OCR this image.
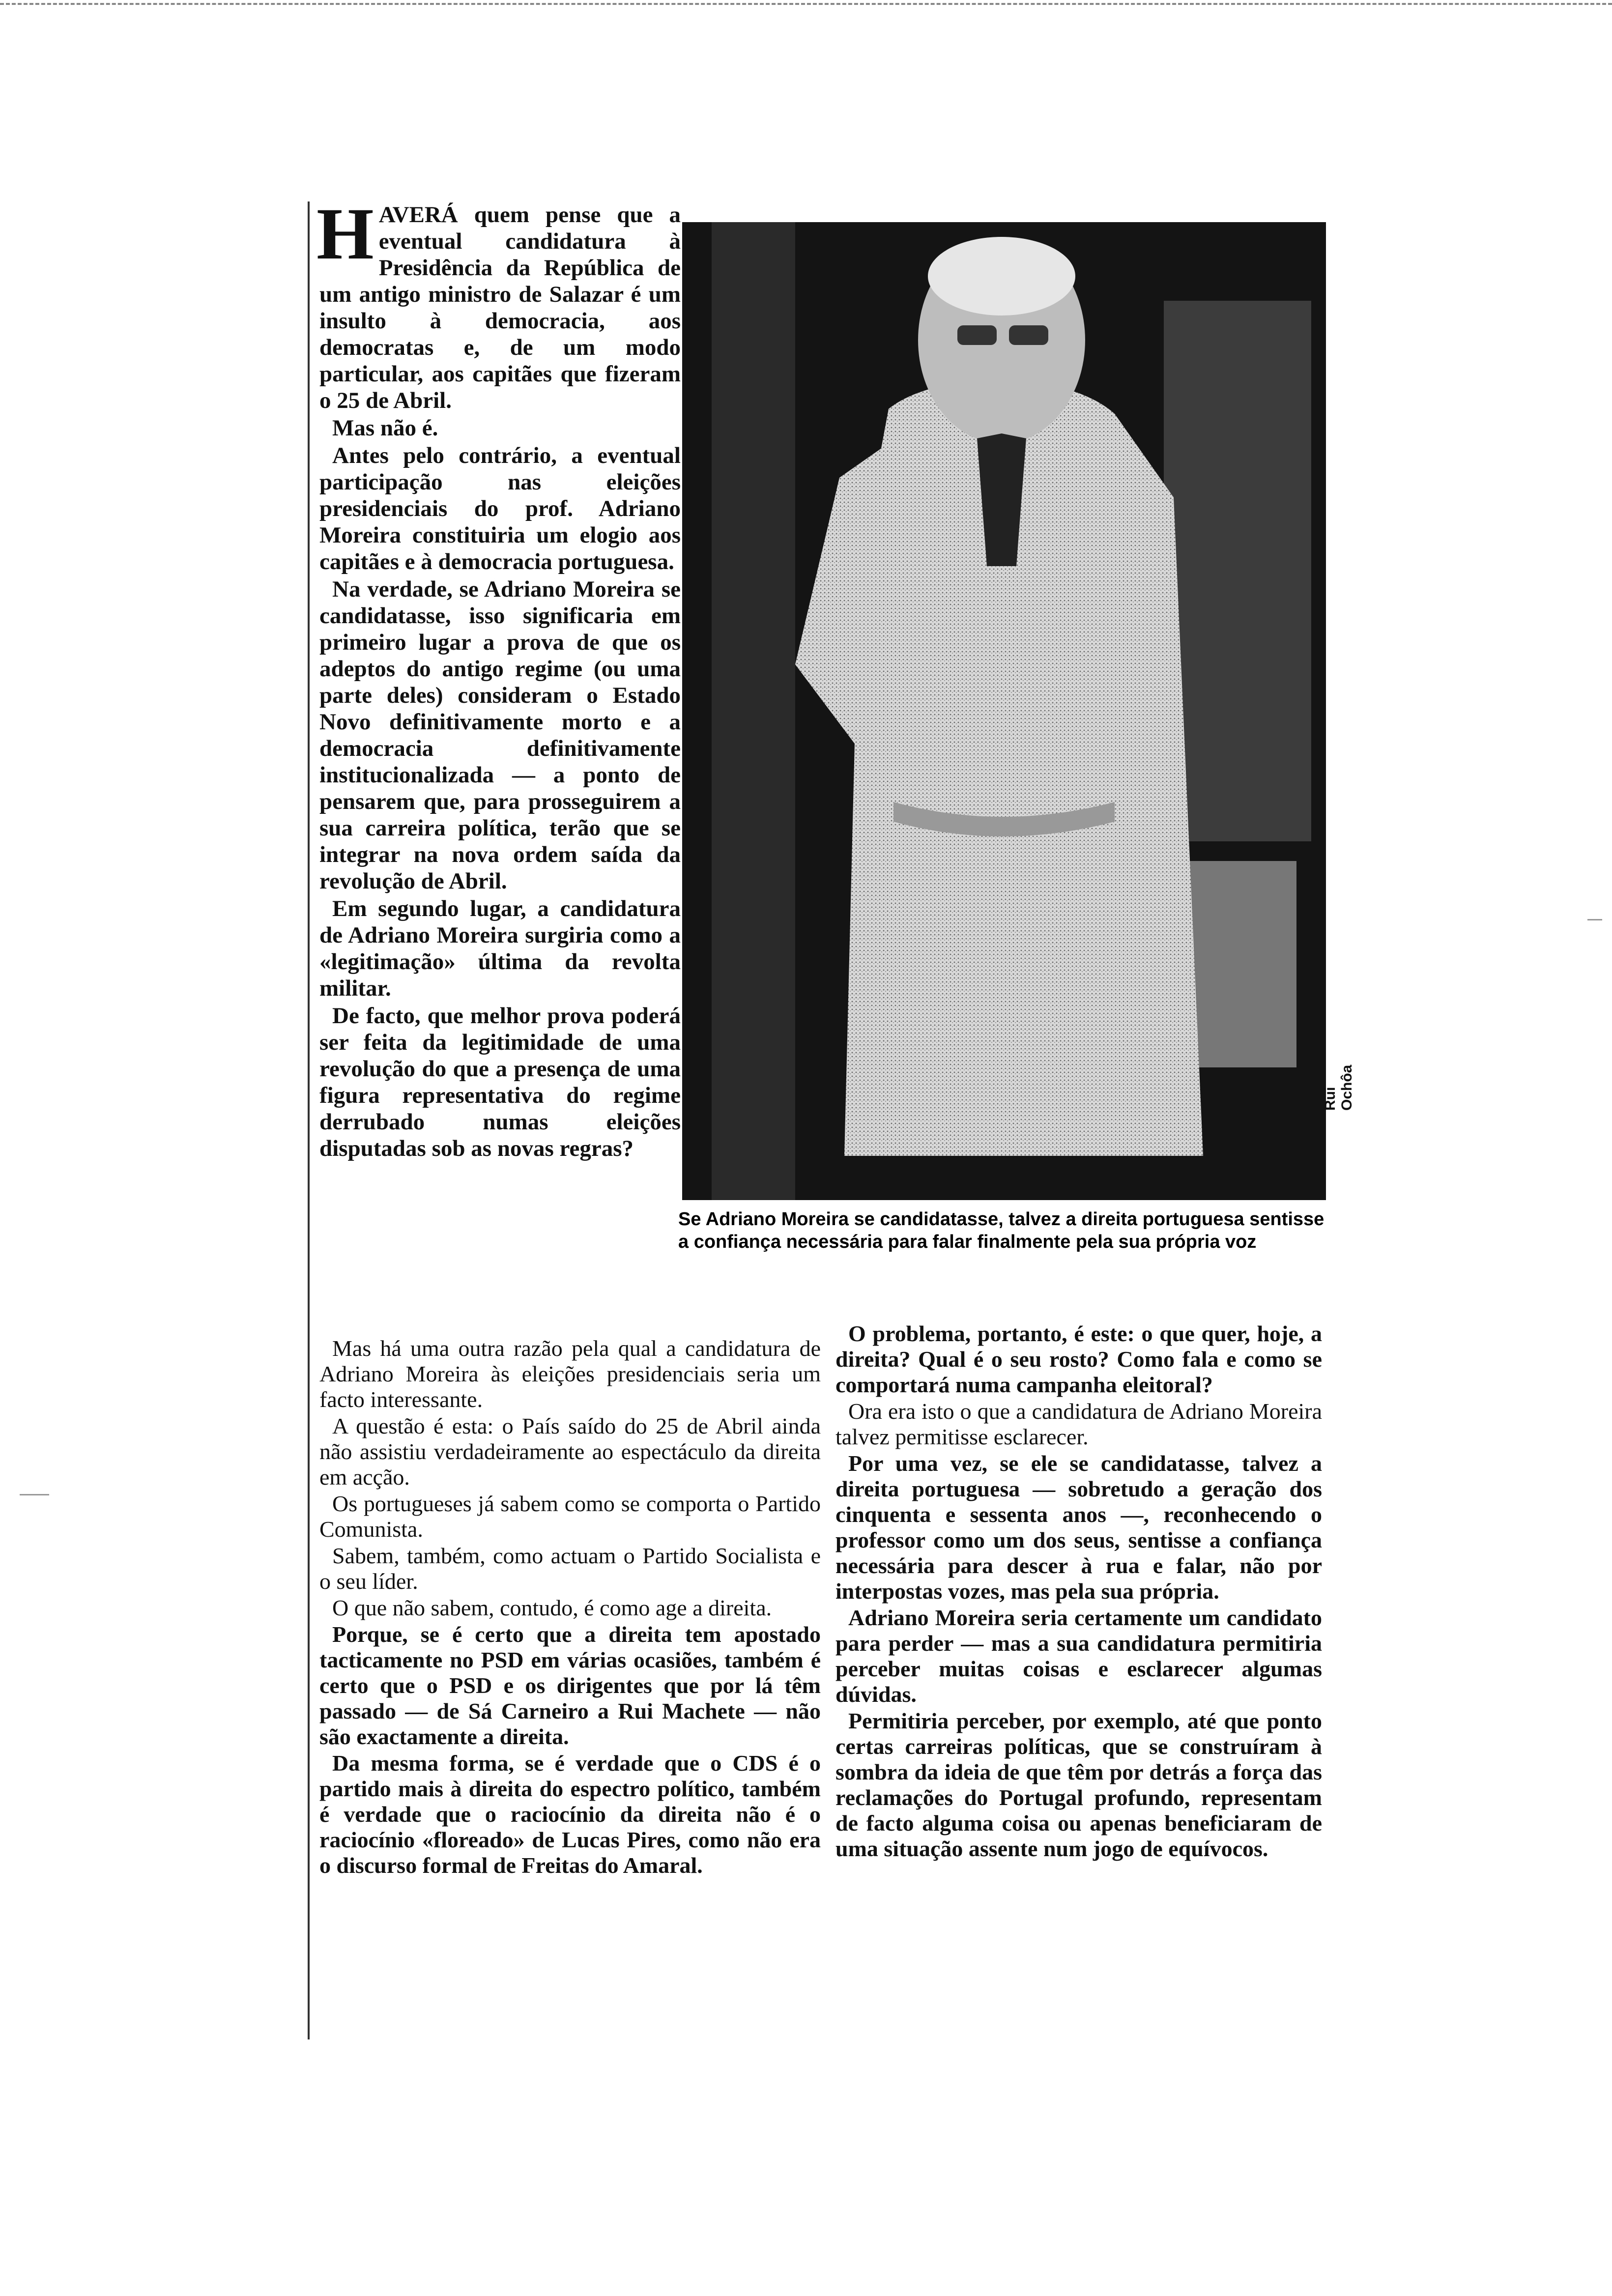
HAVERÁ quem pense que a eventual candidatura à Presidência da República de um antigo ministro de Salazar é um insulto à democracia, aos democratas e, de um modo particular, aos capitães que fizeram o 25 de Abril.

Mas não é.

Antes pelo contrário, a eventual participação nas eleições presidenciais do prof. Adriano Moreira constituiria um elogio aos capitães e à democracia portuguesa.

Na verdade, se Adriano Moreira se candidatasse, isso significaria em primeiro lugar a prova de que os adeptos do antigo regime (ou uma parte deles) consideram o Estado Novo definitivamente morto e a democracia definitivamente institucionalizada — a ponto de pensarem que, para prosseguirem a sua carreira política, terão que se integrar na nova ordem saída da revolução de Abril.

Em segundo lugar, a candidatura de Adriano Moreira surgiria como a «legitimação» última da revolta militar.

De facto, que melhor prova poderá ser feita da legitimidade de uma revolução do que a presença de uma figura representativa do regime derrubado numas eleições disputadas sob as novas regras?

Rui Ochôa
Se Adriano Moreira se candidatasse, talvez a direita portuguesa sentisse a confiança necessária para falar finalmente pela sua própria voz

Mas há uma outra razão pela qual a candidatura de Adriano Moreira às eleições presidenciais seria um facto interessante.

A questão é esta: o País saído do 25 de Abril ainda não assistiu verdadeiramente ao espectáculo da direita em acção.

Os portugueses já sabem como se comporta o Partido Comunista.

Sabem, também, como actuam o Partido Socialista e o seu líder.

O que não sabem, contudo, é como age a direita.

Porque, se é certo que a direita tem apostado tacticamente no PSD em várias ocasiões, também é certo que o PSD e os dirigentes que por lá têm passado — de Sá Carneiro a Rui Machete — não são exactamente a direita.

Da mesma forma, se é verdade que o CDS é o partido mais à direita do espectro político, também é verdade que o raciocínio da direita não é o raciocínio «floreado» de Lucas Pires, como não era o discurso formal de Freitas do Amaral.

O problema, portanto, é este: o que quer, hoje, a direita? Qual é o seu rosto? Como fala e como se comportará numa campanha eleitoral?

Ora era isto o que a candidatura de Adriano Moreira talvez permitisse esclarecer.

Por uma vez, se ele se candidatasse, talvez a direita portuguesa — sobretudo a geração dos cinquenta e sessenta anos —, reconhecendo o professor como um dos seus, sentisse a confiança necessária para descer à rua e falar, não por interpostas vozes, mas pela sua própria.

Adriano Moreira seria certamente um candidato para perder — mas a sua candidatura permitiria perceber muitas coisas e esclarecer algumas dúvidas.

Permitiria perceber, por exemplo, até que ponto certas carreiras políticas, que se construíram à sombra da ideia de que têm por detrás a força das reclamações do Portugal profundo, representam de facto alguma coisa ou apenas beneficiaram de uma situação assente num jogo de equívocos.
